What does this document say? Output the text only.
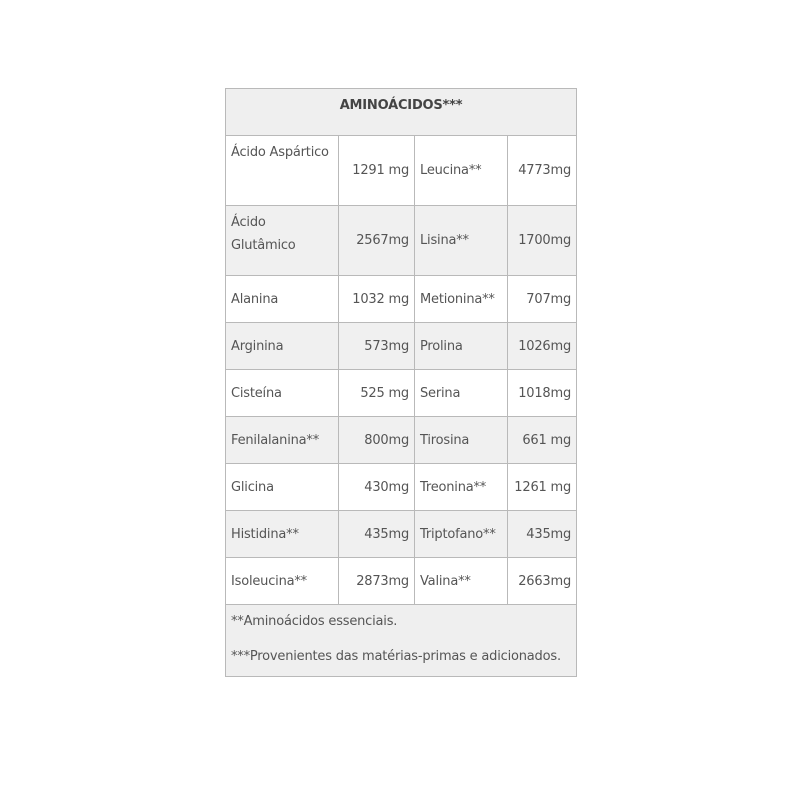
AMINOÁCIDOS***			
Ácido Aspártico	1291 mg	Leucina**	4773mg
Ácido Glutâmico	2567mg	Lisina**	1700mg
Alanina	1032 mg	Metionina**	707mg
Arginina	573mg	Prolina	1026mg
Cisteína	525 mg	Serina	1018mg
Fenilalanina**	800mg	Tirosina	661 mg
Glicina	430mg	Treonina**	1261 mg
Histidina**	435mg	Triptofano**	435mg
Isoleucina**	2873mg	Valina**	2663mg

**Aminoácidos essenciais.

***Provenientes das matérias-primas e adicionados.			
